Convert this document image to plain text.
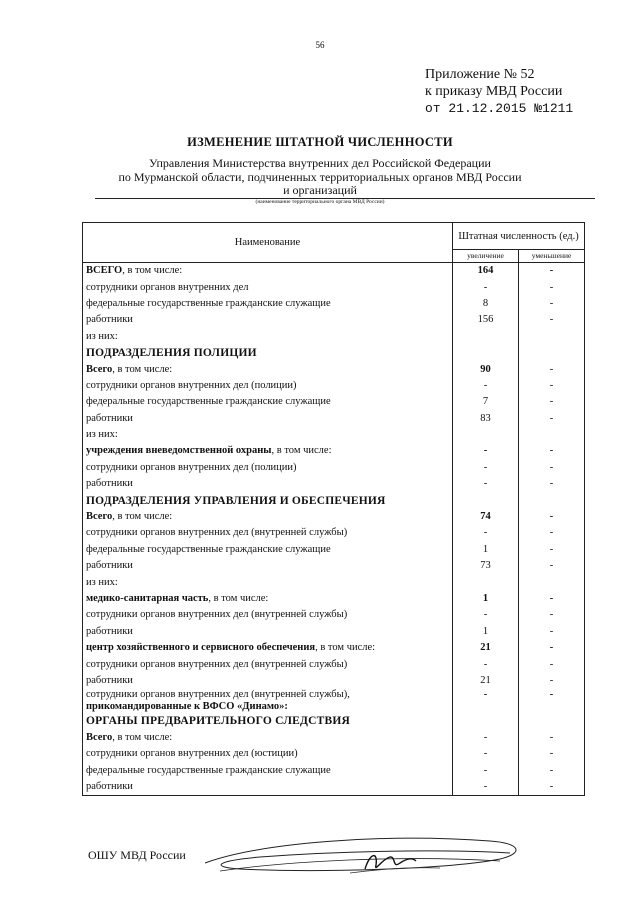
56
Приложение № 52
к приказу МВД России
от 21.12.2015 №1211
ИЗМЕНЕНИЕ ШТАТНОЙ ЧИСЛЕННОСТИ
Управления Министерства внутренних дел Российской Федерации
по Мурманской области, подчиненных территориальных органов МВД России
и организаций
(наименование территориального органа МВД России)
Наименование	Штатная численность (ед.)	
	увеличение	уменьшение
ВСЕГО, в том числе:	164	-
сотрудники органов внутренних дел	-	-
федеральные государственные гражданские служащие	8	-
работники	156	-
из них:		
ПОДРАЗДЕЛЕНИЯ ПОЛИЦИИ		
Всего, в том числе:	90	-
сотрудники органов внутренних дел (полиции)	-	-
федеральные государственные гражданские служащие	7	-
работники	83	-
из них:		
учреждения вневедомственной охраны, в том числе:	-	-
сотрудники органов внутренних дел (полиции)	-	-
работники	-	-
ПОДРАЗДЕЛЕНИЯ УПРАВЛЕНИЯ И ОБЕСПЕЧЕНИЯ		
Всего, в том числе:	74	-
сотрудники органов внутренних дел (внутренней службы)	-	-
федеральные государственные гражданские служащие	1	-
работники	73	-
из них:		
медико-санитарная часть, в том числе:	1	-
сотрудники органов внутренних дел (внутренней службы)	-	-
работники	1	-
центр хозяйственного и сервисного обеспечения, в том числе:	21	-
сотрудники органов внутренних дел (внутренней службы)	-	-
работники	21	-
сотрудники органов внутренних дел (внутренней службы),
прикомандированные к ВФСО «Динамо»:	-	-
ОРГАНЫ ПРЕДВАРИТЕЛЬНОГО СЛЕДСТВИЯ		
Всего, в том числе:	-	-
сотрудники органов внутренних дел (юстиции)	-	-
федеральные государственные гражданские служащие	-	-
работники	-	-
ОШУ МВД России
